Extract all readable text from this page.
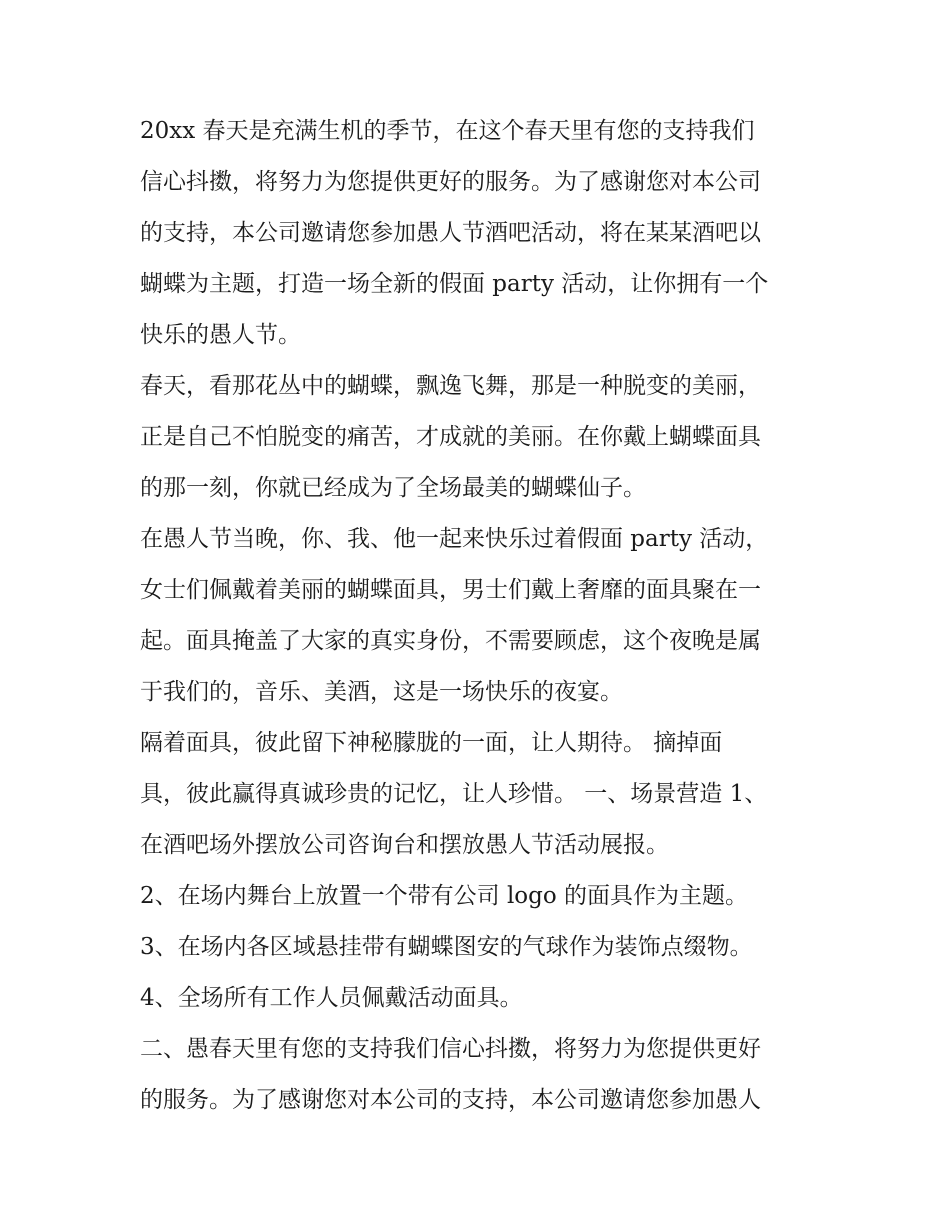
20xx 春天是充满生机的季节，在这个春天里有您的支持我们
信心抖擞，将努力为您提供更好的服务。为了感谢您对本公司
的支持，本公司邀请您参加愚人节酒吧活动，将在某某酒吧以
蝴蝶为主题，打造一场全新的假面 party 活动，让你拥有一个
快乐的愚人节。
春天，看那花丛中的蝴蝶，飘逸飞舞，那是一种脱变的美丽，
正是自己不怕脱变的痛苦，才成就的美丽。在你戴上蝴蝶面具
的那一刻，你就已经成为了全场最美的蝴蝶仙子。
在愚人节当晚，你、我、他一起来快乐过着假面 party 活动，
女士们佩戴着美丽的蝴蝶面具，男士们戴上奢靡的面具聚在一
起。面具掩盖了大家的真实身份，不需要顾虑，这个夜晚是属
于我们的，音乐、美酒，这是一场快乐的夜宴。
隔着面具，彼此留下神秘朦胧的一面，让人期待。 摘掉面
具，彼此赢得真诚珍贵的记忆，让人珍惜。 一、场景营造 1、
在酒吧场外摆放公司咨询台和摆放愚人节活动展报。
2、在场内舞台上放置一个带有公司 logo 的面具作为主题。
3、在场内各区域悬挂带有蝴蝶图安的气球作为装饰点缀物。
4、全场所有工作人员佩戴活动面具。
二、愚春天里有您的支持我们信心抖擞，将努力为您提供更好
的服务。为了感谢您对本公司的支持，本公司邀请您参加愚人
